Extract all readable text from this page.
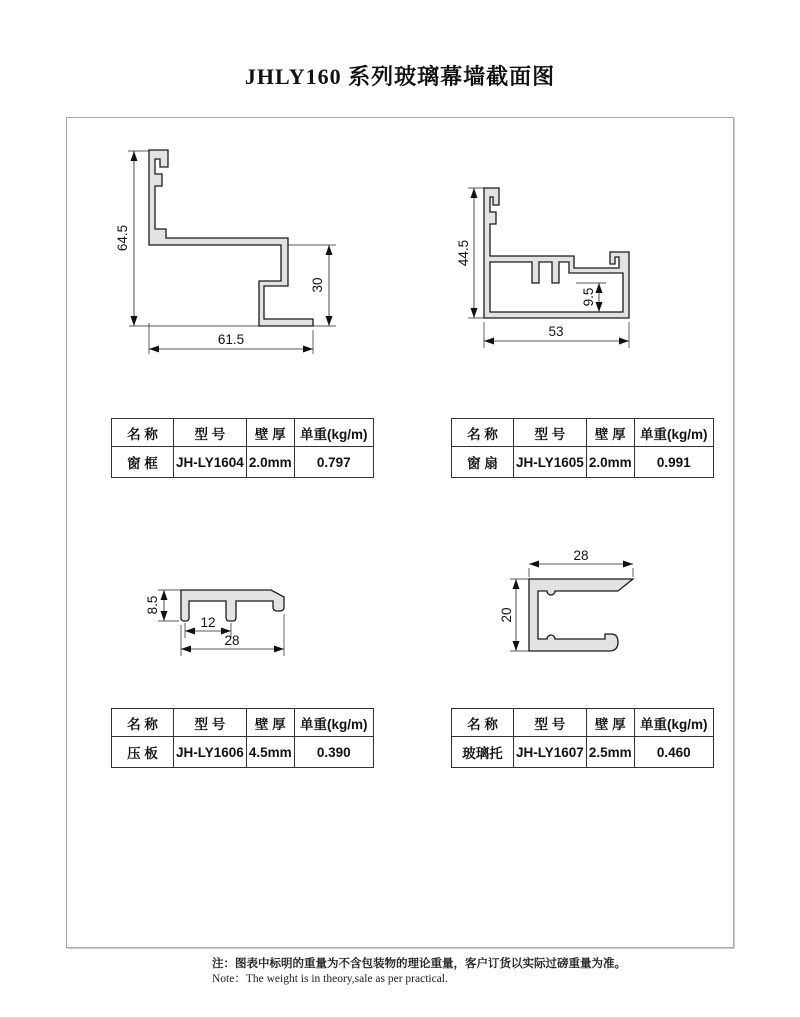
JHLY160 系列玻璃幕墙截面图
64.5
30
61.5
44.5
53
9.5
8.5
12
28
28
20
名 称	型 号	壁 厚	单重(kg/m)
窗 框	JH-LY1604	2.0mm	0.797
名 称	型 号	壁 厚	单重(kg/m)
窗 扇	JH-LY1605	2.0mm	0.991
名 称	型 号	壁 厚	单重(kg/m)
压 板	JH-LY1606	4.5mm	0.390
名 称	型 号	壁 厚	单重(kg/m)
玻璃托	JH-LY1607	2.5mm	0.460
注：图表中标明的重量为不含包装物的理论重量，客户订货以实际过磅重量为准。
Note：The weight is in theory,sale as per practical.
